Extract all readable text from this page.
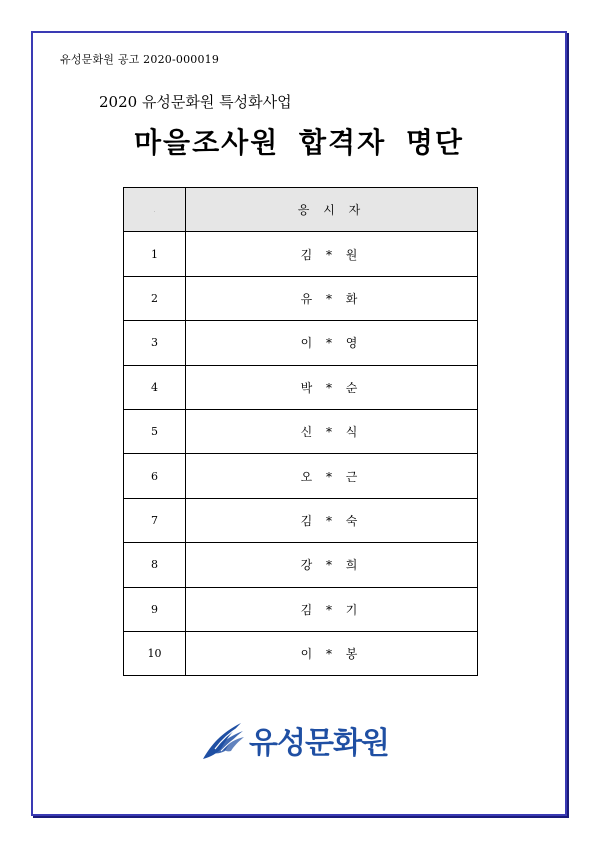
유성문화원 공고 2020-000019
2020 유성문화원 특성화사업
마을조사원 합격자 명단
·	응 시 자
1	김 * 원
2	유 * 화
3	이 * 영
4	박 * 순
5	신 * 식
6	오 * 근
7	김 * 숙
8	강 * 희
9	김 * 기
10	이 * 봉
유성문화원
